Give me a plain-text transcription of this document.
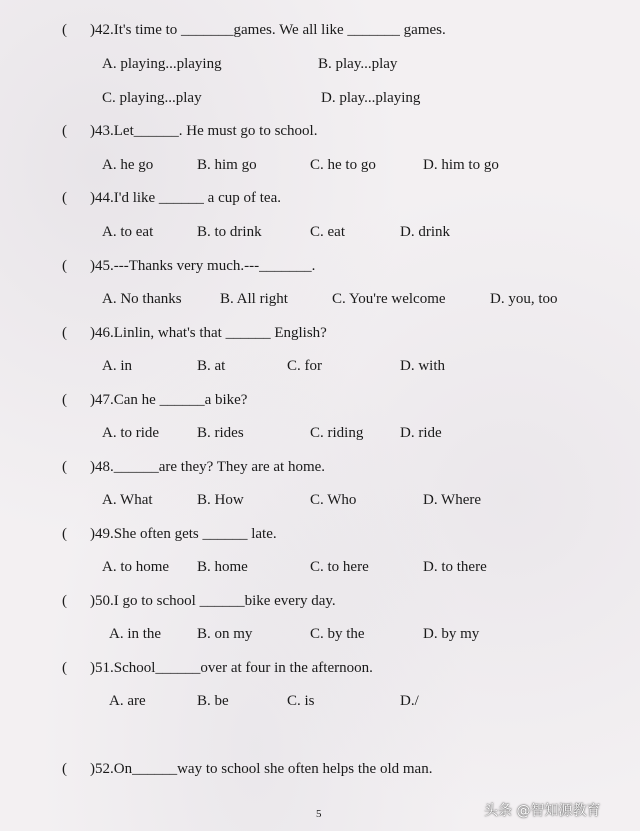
( )42.It's time to _______games. We all like _______ games.
A. playing...playing	B. play...play
C. playing...play	D. play...playing
( )43.Let______. He must go to school.
A. he go	B. him go	C. he to go	D. him to go
( )44.I'd like ______ a cup of tea.
A. to eat	B. to drink	C. eat	D. drink
( )45.---Thanks very much.---_______.
A. No thanks	B. All right	C. You're welcome	D. you, too
( )46.Linlin, what's that ______ English?
A. in	B. at	C. for	D. with
( )47.Can he ______a bike?
A. to ride	B. rides	C. riding D. ride
( )48.______are they? They are at home.
A. What	B. How	C. Who	D. Where
( )49.She often gets ______ late.
A. to home B. home	C. to here	D. to there
( )50.I go to school ______bike every day.
A. in the B. on my	C. by the	D. by my
( )51.School______over at four in the afternoon.
A. are	B. be	C. is	D./
( )52.On______way to school she often helps the old man.
5	头条 @智知源教育
